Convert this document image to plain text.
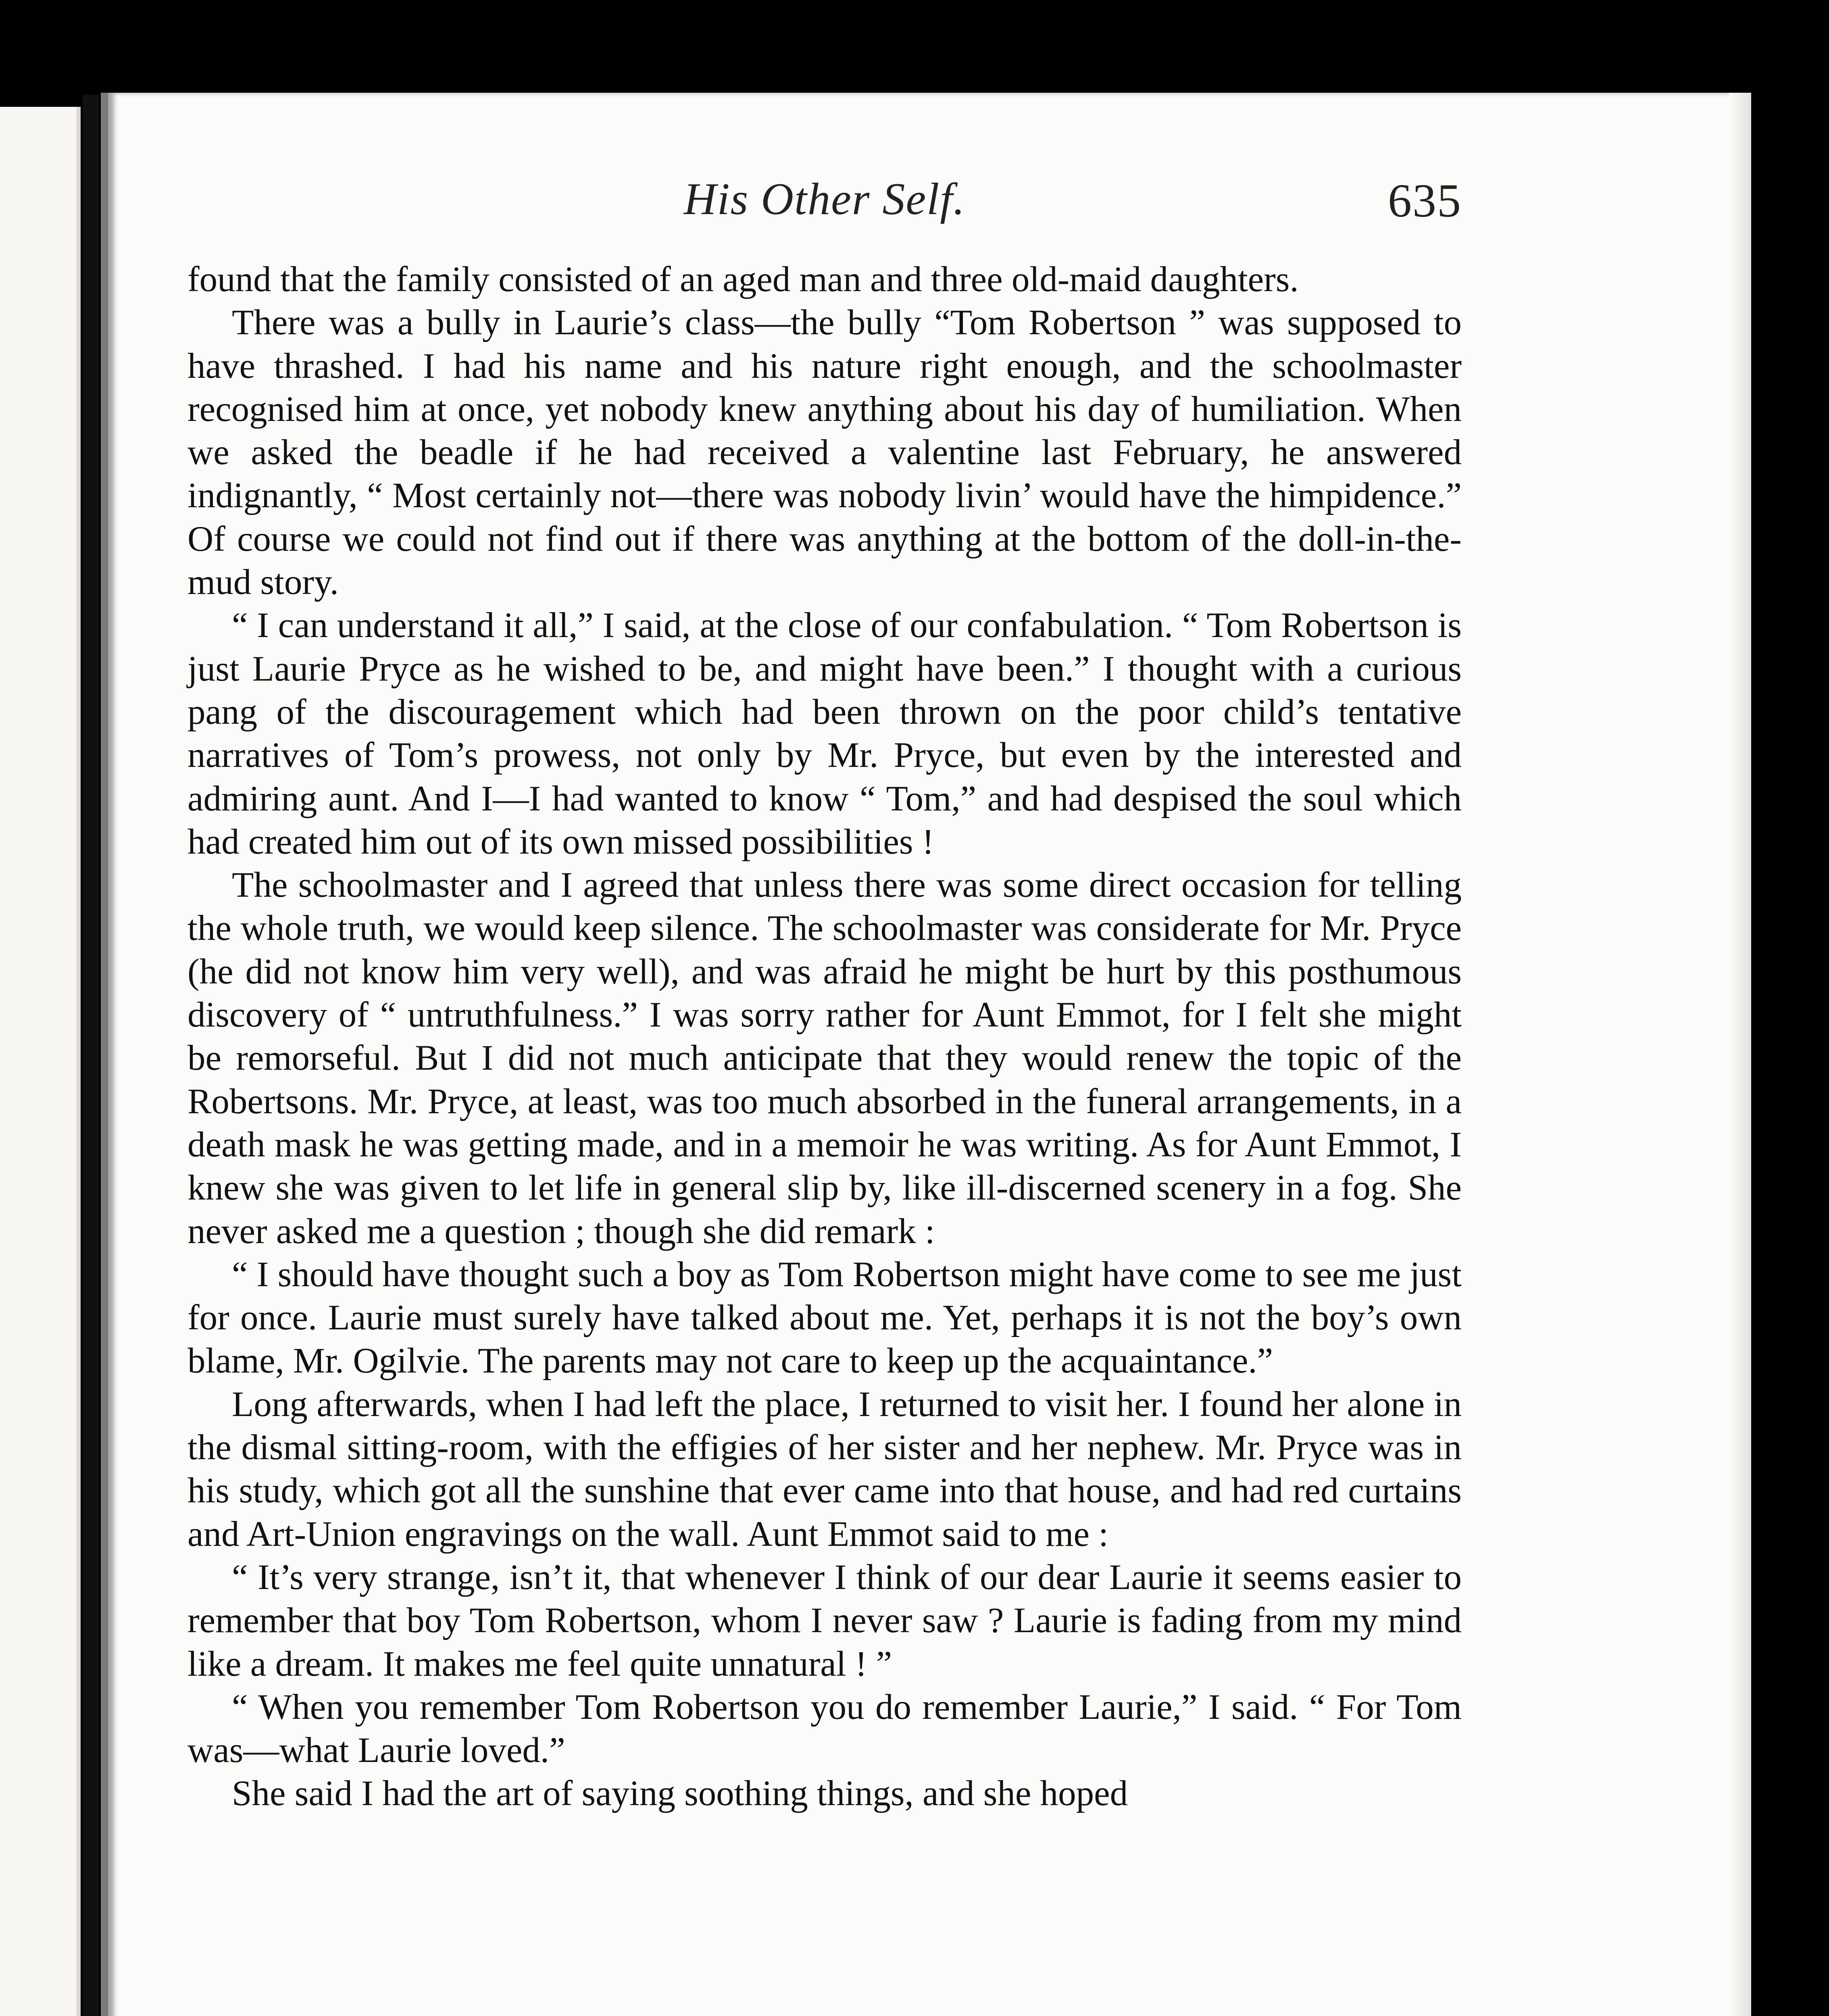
His Other Self.	635

found that the family consisted of an aged man and three old-maid daughters.

There was a bully in Laurie’s class—the bully “Tom Robertson ” was supposed to have thrashed. I had his name and his nature right enough, and the schoolmaster recognised him at once, yet nobody knew anything about his day of humiliation. When we asked the beadle if he had received a valentine last February, he answered indignantly, “ Most certainly not—there was nobody livin’ would have the himpidence.” Of course we could not find out if there was anything at the bottom of the doll-in-the-mud story.

“ I can understand it all,” I said, at the close of our confabulation. “ Tom Robertson is just Laurie Pryce as he wished to be, and might have been.” I thought with a curious pang of the discouragement which had been thrown on the poor child’s tentative narratives of Tom’s prowess, not only by Mr. Pryce, but even by the interested and admiring aunt. And I—I had wanted to know “ Tom,” and had despised the soul which had created him out of its own missed possibilities !

The schoolmaster and I agreed that unless there was some direct occasion for telling the whole truth, we would keep silence. The schoolmaster was considerate for Mr. Pryce (he did not know him very well), and was afraid he might be hurt by this posthumous discovery of “ untruthfulness.” I was sorry rather for Aunt Emmot, for I felt she might be remorseful. But I did not much anticipate that they would renew the topic of the Robertsons. Mr. Pryce, at least, was too much absorbed in the funeral arrangements, in a death mask he was getting made, and in a memoir he was writing. As for Aunt Emmot, I knew she was given to let life in general slip by, like ill-discerned scenery in a fog. She never asked me a question ; though she did remark :

“ I should have thought such a boy as Tom Robertson might have come to see me just for once. Laurie must surely have talked about me. Yet, perhaps it is not the boy’s own blame, Mr. Ogilvie. The parents may not care to keep up the acquaintance.”

Long afterwards, when I had left the place, I returned to visit her. I found her alone in the dismal sitting-room, with the effigies of her sister and her nephew. Mr. Pryce was in his study, which got all the sunshine that ever came into that house, and had red curtains and Art-Union engravings on the wall. Aunt Emmot said to me :

“ It’s very strange, isn’t it, that whenever I think of our dear Laurie it seems easier to remember that boy Tom Robertson, whom I never saw ? Laurie is fading from my mind like a dream. It makes me feel quite unnatural ! ”

“ When you remember Tom Robertson you do remember Laurie,” I said. “ For Tom was—what Laurie loved.”

She said I had the art of saying soothing things, and she hoped
